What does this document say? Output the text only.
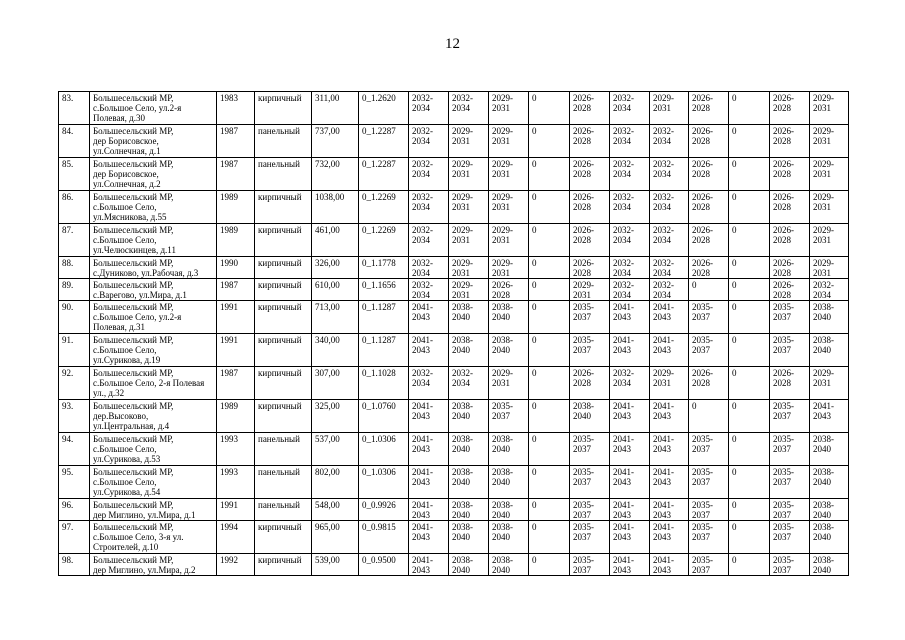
12
83.	Большесельский МР,
с.Большое Село, ул.2-я
Полевая, д.30	1983	кирпичный	311,00	0_1.2620	2032-
2034	2032-
2034	2029-
2031	0	2026-
2028	2032-
2034	2029-
2031	2026-
2028	0	2026-
2028	2029-
2031
84.	Большесельский МР,
дер Борисовское,
ул.Солнечная, д.1	1987	панельный	737,00	0_1.2287	2032-
2034	2029-
2031	2029-
2031	0	2026-
2028	2032-
2034	2032-
2034	2026-
2028	0	2026-
2028	2029-
2031
85.	Большесельский МР,
дер Борисовское,
ул.Солнечная, д.2	1987	панельный	732,00	0_1.2287	2032-
2034	2029-
2031	2029-
2031	0	2026-
2028	2032-
2034	2032-
2034	2026-
2028	0	2026-
2028	2029-
2031
86.	Большесельский МР,
с.Большое Село,
ул.Мясникова, д.55	1989	кирпичный	1038,00	0_1.2269	2032-
2034	2029-
2031	2029-
2031	0	2026-
2028	2032-
2034	2032-
2034	2026-
2028	0	2026-
2028	2029-
2031
87.	Большесельский МР,
с.Большое Село,
ул.Челюскинцев, д.11	1989	кирпичный	461,00	0_1.2269	2032-
2034	2029-
2031	2029-
2031	0	2026-
2028	2032-
2034	2032-
2034	2026-
2028	0	2026-
2028	2029-
2031
88.	Большесельский МР,
с.Дуниково, ул.Рабочая, д.3	1990	кирпичный	326,00	0_1.1778	2032-
2034	2029-
2031	2029-
2031	0	2026-
2028	2032-
2034	2032-
2034	2026-
2028	0	2026-
2028	2029-
2031
89.	Большесельский МР,
с.Варегово, ул.Мира, д.1	1987	кирпичный	610,00	0_1.1656	2032-
2034	2029-
2031	2026-
2028	0	2029-
2031	2032-
2034	2032-
2034	0	0	2026-
2028	2032-
2034
90.	Большесельский МР,
с.Большое Село, ул.2-я
Полевая, д.31	1991	кирпичный	713,00	0_1.1287	2041-
2043	2038-
2040	2038-
2040	0	2035-
2037	2041-
2043	2041-
2043	2035-
2037	0	2035-
2037	2038-
2040
91.	Большесельский МР,
с.Большое Село,
ул.Сурикова, д.19	1991	кирпичный	340,00	0_1.1287	2041-
2043	2038-
2040	2038-
2040	0	2035-
2037	2041-
2043	2041-
2043	2035-
2037	0	2035-
2037	2038-
2040
92.	Большесельский МР,
с.Большое Село, 2-я Полевая
ул., д.32	1987	кирпичный	307,00	0_1.1028	2032-
2034	2032-
2034	2029-
2031	0	2026-
2028	2032-
2034	2029-
2031	2026-
2028	0	2026-
2028	2029-
2031
93.	Большесельский МР,
дер.Высоково,
ул.Центральная, д.4	1989	кирпичный	325,00	0_1.0760	2041-
2043	2038-
2040	2035-
2037	0	2038-
2040	2041-
2043	2041-
2043	0	0	2035-
2037	2041-
2043
94.	Большесельский МР,
с.Большое Село,
ул.Сурикова, д.53	1993	панельный	537,00	0_1.0306	2041-
2043	2038-
2040	2038-
2040	0	2035-
2037	2041-
2043	2041-
2043	2035-
2037	0	2035-
2037	2038-
2040
95.	Большесельский МР,
с.Большое Село,
ул.Сурикова, д.54	1993	панельный	802,00	0_1.0306	2041-
2043	2038-
2040	2038-
2040	0	2035-
2037	2041-
2043	2041-
2043	2035-
2037	0	2035-
2037	2038-
2040
96.	Большесельский МР,
дер Миглино, ул.Мира, д.1	1991	панельный	548,00	0_0.9926	2041-
2043	2038-
2040	2038-
2040	0	2035-
2037	2041-
2043	2041-
2043	2035-
2037	0	2035-
2037	2038-
2040
97.	Большесельский МР,
с.Большое Село, 3-я ул.
Строителей, д.10	1994	кирпичный	965,00	0_0.9815	2041-
2043	2038-
2040	2038-
2040	0	2035-
2037	2041-
2043	2041-
2043	2035-
2037	0	2035-
2037	2038-
2040
98.	Большесельский МР,
дер Миглино, ул.Мира, д.2	1992	кирпичный	539,00	0_0.9500	2041-
2043	2038-
2040	2038-
2040	0	2035-
2037	2041-
2043	2041-
2043	2035-
2037	0	2035-
2037	2038-
2040
